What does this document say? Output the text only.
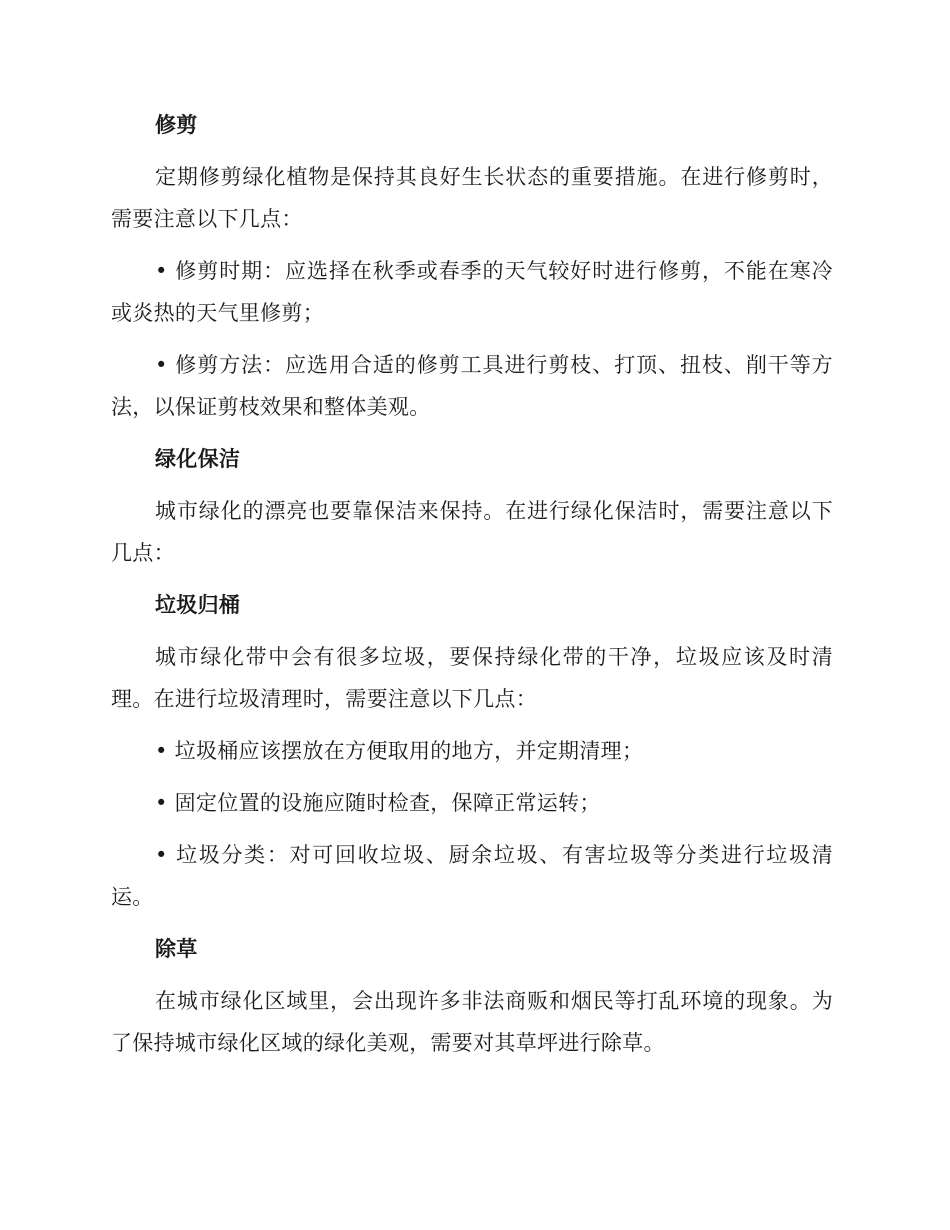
修剪

定期修剪绿化植物是保持其良好生长状态的重要措施。在进行修剪时，需要注意以下几点：

• 修剪时期：应选择在秋季或春季的天气较好时进行修剪，不能在寒冷或炎热的天气里修剪；

• 修剪方法：应选用合适的修剪工具进行剪枝、打顶、扭枝、削干等方法，以保证剪枝效果和整体美观。

绿化保洁

城市绿化的漂亮也要靠保洁来保持。在进行绿化保洁时，需要注意以下几点：

垃圾归桶

城市绿化带中会有很多垃圾，要保持绿化带的干净，垃圾应该及时清理。在进行垃圾清理时，需要注意以下几点：

• 垃圾桶应该摆放在方便取用的地方，并定期清理；

• 固定位置的设施应随时检查，保障正常运转；

• 垃圾分类：对可回收垃圾、厨余垃圾、有害垃圾等分类进行垃圾清运。

除草

在城市绿化区域里，会出现许多非法商贩和烟民等打乱环境的现象。为了保持城市绿化区域的绿化美观，需要对其草坪进行除草。
